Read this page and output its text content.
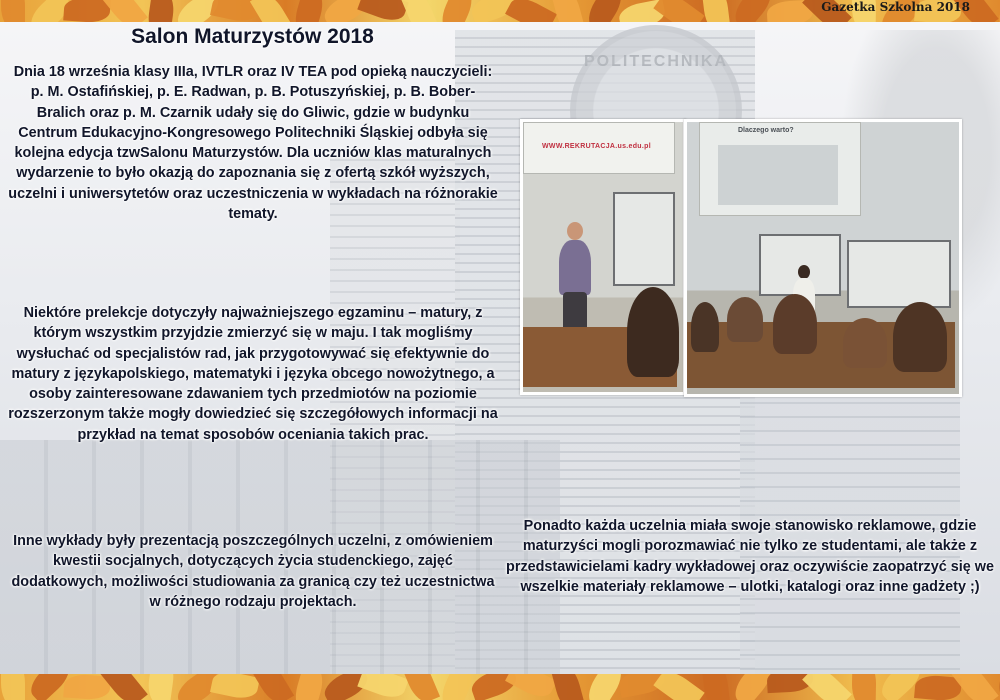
POLITECHNIKA
Gazetka Szkolna 2018
Salon Maturzystów 2018
Dnia 18 września klasy IIIa, IVTLR oraz IV TEA pod opieką nauczycieli: p. M. Ostafińskiej, p. E. Radwan, p. B. Potuszyńskiej, p. B. Bober-Bralich oraz p. M. Czarnik udały się do Gliwic, gdzie w budynku Centrum Edukacyjno-Kongresowego Politechniki Śląskiej odbyła się kolejna edycja tzwSalonu Maturzystów. Dla uczniów klas maturalnych wydarzenie to było okazją do zapoznania się z ofertą szkół wyższych, uczelni i uniwersytetów oraz uczestniczenia w wykładach na różnorakie tematy.
Niektóre prelekcje dotyczyły najważniejszego egzaminu – matury, z którym wszystkim przyjdzie zmierzyć się w maju. I tak mogliśmy wysłuchać od specjalistów rad, jak przygotowywać się efektywnie do matury z językapolskiego, matematyki i języka obcego nowożytnego, a osoby zainteresowane zdawaniem tych przedmiotów na poziomie rozszerzonym także mogły dowiedzieć się szczegółowych informacji na przykład na temat sposobów oceniania takich prac.
Inne wykłady były prezentacją poszczególnych uczelni, z omówieniem kwestii socjalnych, dotyczących życia studenckiego, zajęć dodatkowych, możliwości studiowania za granicą czy też uczestnictwa w różnego rodzaju projektach.
Ponadto każda uczelnia miała swoje stanowisko reklamowe, gdzie maturzyści mogli porozmawiać nie tylko ze studentami, ale także z przedstawicielami kadry wykładowej oraz oczywiście zaopatrzyć się we wszelkie materiały reklamowe – ulotki, katalogi oraz inne gadżety ;)
WWW.REKRUTACJA.us.edu.pl
Dlaczego warto?
